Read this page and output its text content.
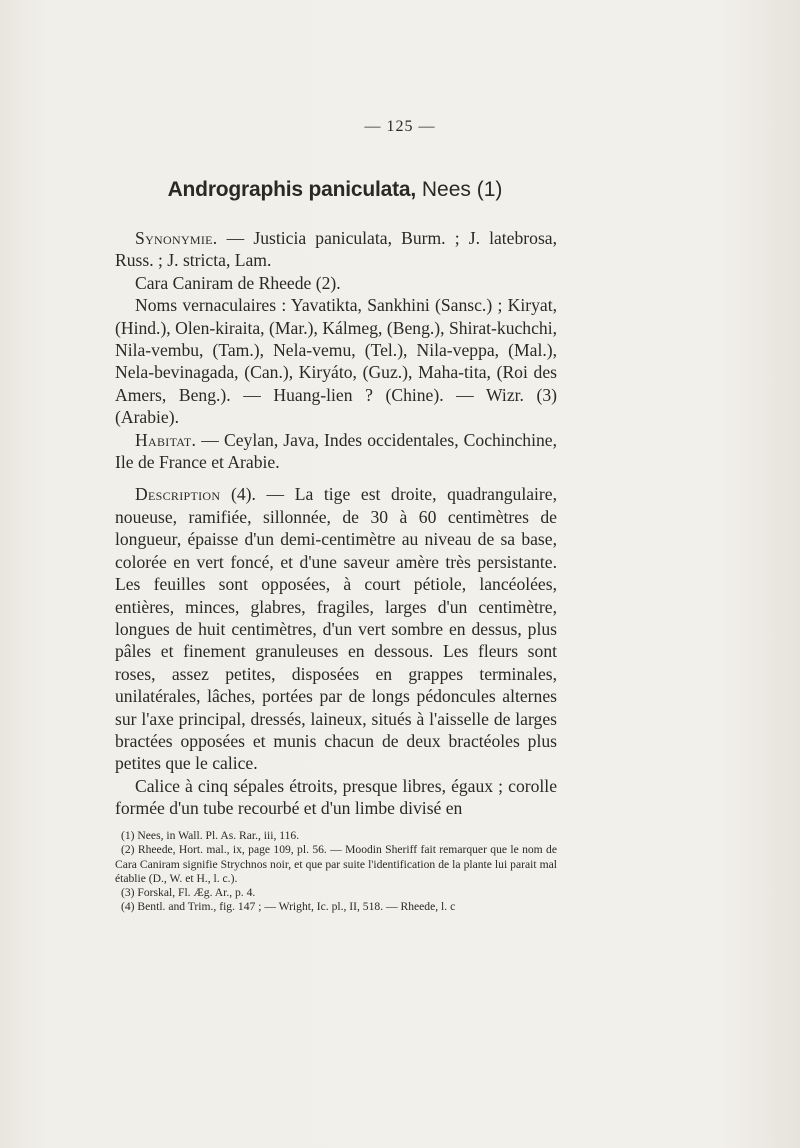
— 125 —
Andrographis paniculata, Nees (1)

Synonymie. — Justicia paniculata, Burm. ; J. latebrosa, Russ. ; J. stricta, Lam.

Cara Caniram de Rheede (2).

Noms vernaculaires : Yavatikta, Sankhini (Sansc.) ; Kiryat, (Hind.), Olen-kiraita, (Mar.), Kálmeg, (Beng.), Shirat-kuchchi, Nila-vembu, (Tam.), Nela-vemu, (Tel.), Nila-veppa, (Mal.), Nela-bevinagada, (Can.), Kiryáto, (Guz.), Maha-tita, (Roi des Amers, Beng.). — Huang-lien ? (Chine). — Wizr. (3) (Arabie).

Habitat. — Ceylan, Java, Indes occidentales, Cochinchine, Ile de France et Arabie.

Description (4). — La tige est droite, quadrangulaire, noueuse, ramifiée, sillonnée, de 30 à 60 centimètres de longueur, épaisse d'un demi-centimètre au niveau de sa base, colorée en vert foncé, et d'une saveur amère très persistante. Les feuilles sont opposées, à court pétiole, lancéolées, entières, minces, glabres, fragiles, larges d'un centimètre, longues de huit centimètres, d'un vert sombre en dessus, plus pâles et finement granuleuses en dessous. Les fleurs sont roses, assez petites, disposées en grappes terminales, unilatérales, lâches, portées par de longs pédoncules alternes sur l'axe principal, dressés, laineux, situés à l'aisselle de larges bractées opposées et munis chacun de deux bractéoles plus petites que le calice.

Calice à cinq sépales étroits, presque libres, égaux ; corolle formée d'un tube recourbé et d'un limbe divisé en

(1) Nees, in Wall. Pl. As. Rar., iii, 116.

(2) Rheede, Hort. mal., ix, page 109, pl. 56. — Moodin Sheriff fait remarquer que le nom de Cara Caniram signifie Strychnos noir, et que par suite l'identification de la plante lui parait mal établie (D., W. et H., l. c.).

(3) Forskal, Fl. Æg. Ar., p. 4.

(4) Bentl. and Trim., fig. 147 ; — Wright, Ic. pl., II, 518. — Rheede, l. c
